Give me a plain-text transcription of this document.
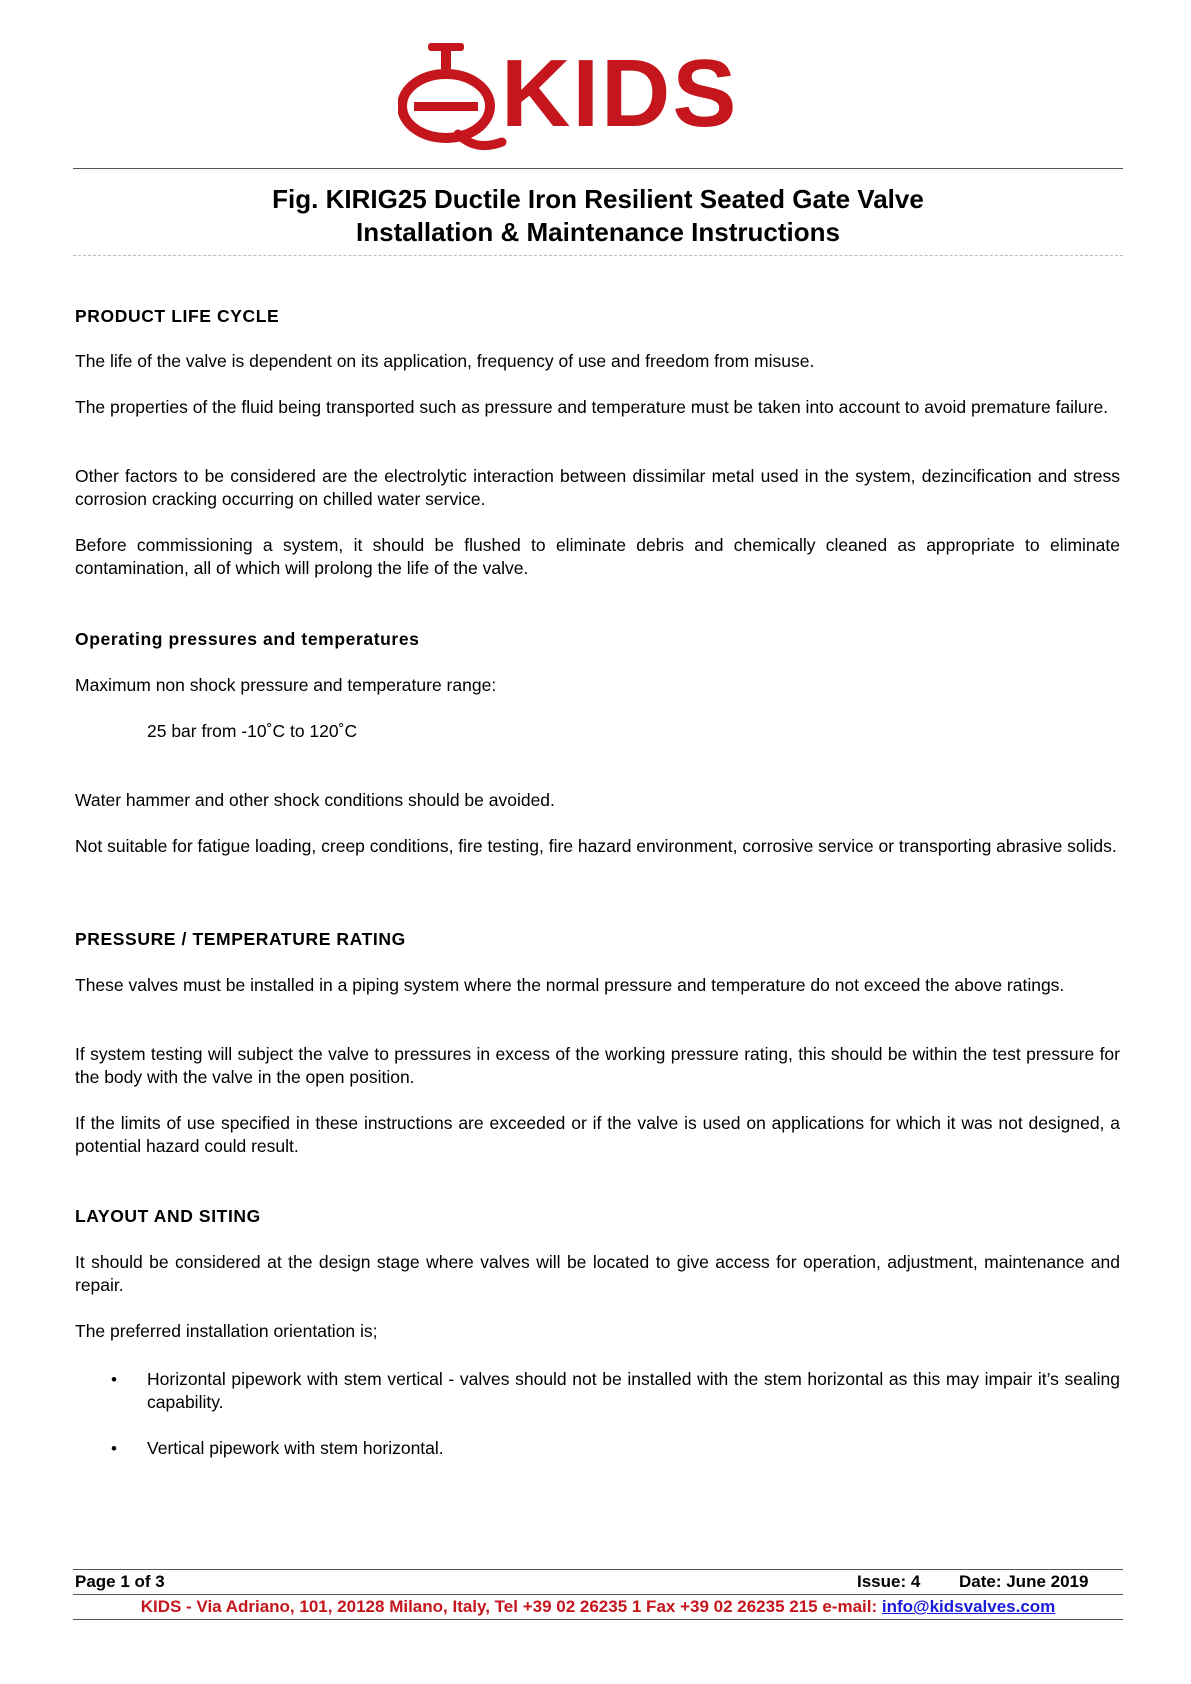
KIDS
Fig. KIRIG25 Ductile Iron Resilient Seated Gate Valve
Installation & Maintenance Instructions
PRODUCT LIFE CYCLE

The life of the valve is dependent on its application, frequency of use and freedom from misuse.

The properties of the fluid being transported such as pressure and temperature must be taken into account to avoid premature failure.

Other factors to be considered are the electrolytic interaction between dissimilar metal used in the system, dezincification and stress corrosion cracking occurring on chilled water service.

Before commissioning a system, it should be flushed to eliminate debris and chemically cleaned as appropriate to eliminate contamination, all of which will prolong the life of the valve.

Operating pressures and temperatures

Maximum non shock pressure and temperature range:

25 bar from -10˚C to 120˚C

Water hammer and other shock conditions should be avoided.

Not suitable for fatigue loading, creep conditions, fire testing, fire hazard environment, corrosive service or transporting abrasive solids.

PRESSURE / TEMPERATURE RATING

These valves must be installed in a piping system where the normal pressure and temperature do not exceed the above ratings.

If system testing will subject the valve to pressures in excess of the working pressure rating, this should be within the test pressure for the body with the valve in the open position.

If the limits of use specified in these instructions are exceeded or if the valve is used on applications for which it was not designed, a potential hazard could result.

LAYOUT AND SITING

It should be considered at the design stage where valves will be located to give access for operation, adjustment, maintenance and repair.

The preferred installation orientation is;

• Horizontal pipework with stem vertical - valves should not be installed with the stem horizontal as this may impair it’s sealing capability.
• Vertical pipework with stem horizontal.
Page 1 of 3	Issue: 4 Date: June 2019
KIDS - Via Adriano, 101, 20128 Milano, Italy, Tel +39 02 26235 1 Fax +39 02 26235 215 e-mail: info@kidsvalves.com
